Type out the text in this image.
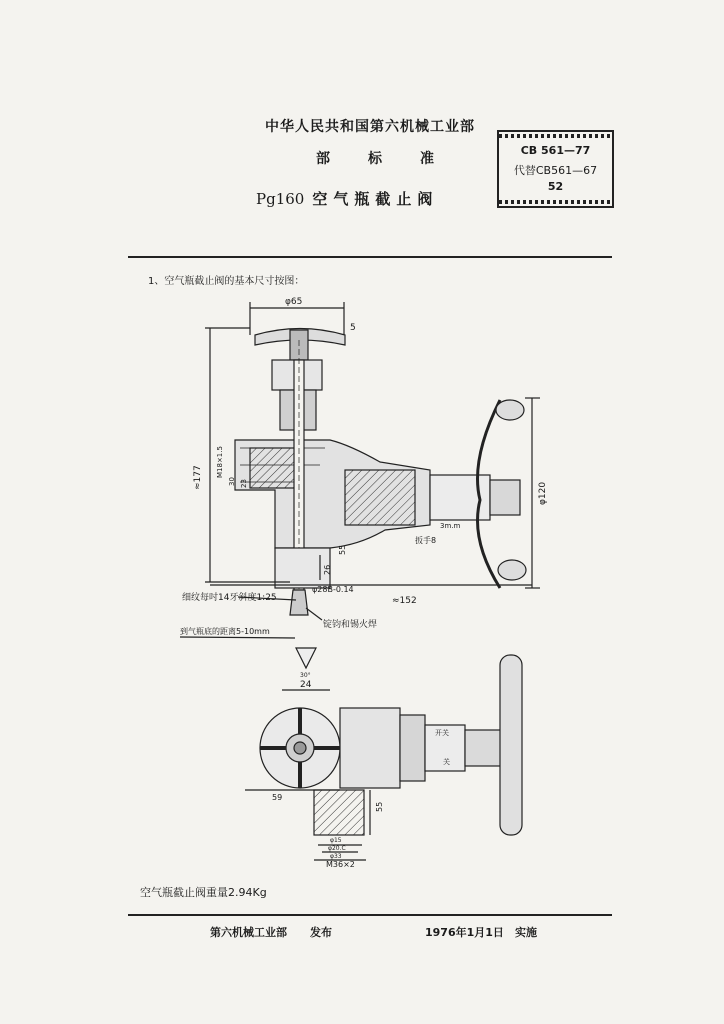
中华人民共和国第六机械工业部
部	标	准
Pg160 空气瓶截止阀
CB 561—77
代替CB561—67
52
1、空气瓶截止阀的基本尺寸按图：
φ65
5
≈177 M18×1.5
30 23	φ120
φ28B-0.14
≈152
55
26
扳手8
3m.m
24
59
55
φ15
φ20.C
φ33
M36×2
30°
细纹每吋14牙斜度1:25
锭钧和锡火焊
到气瓶底的距离5-10mm
开关
关
空气瓶截止阀重量2.94Kg
第六机械工业部 发布	1976年1月1日 实施
